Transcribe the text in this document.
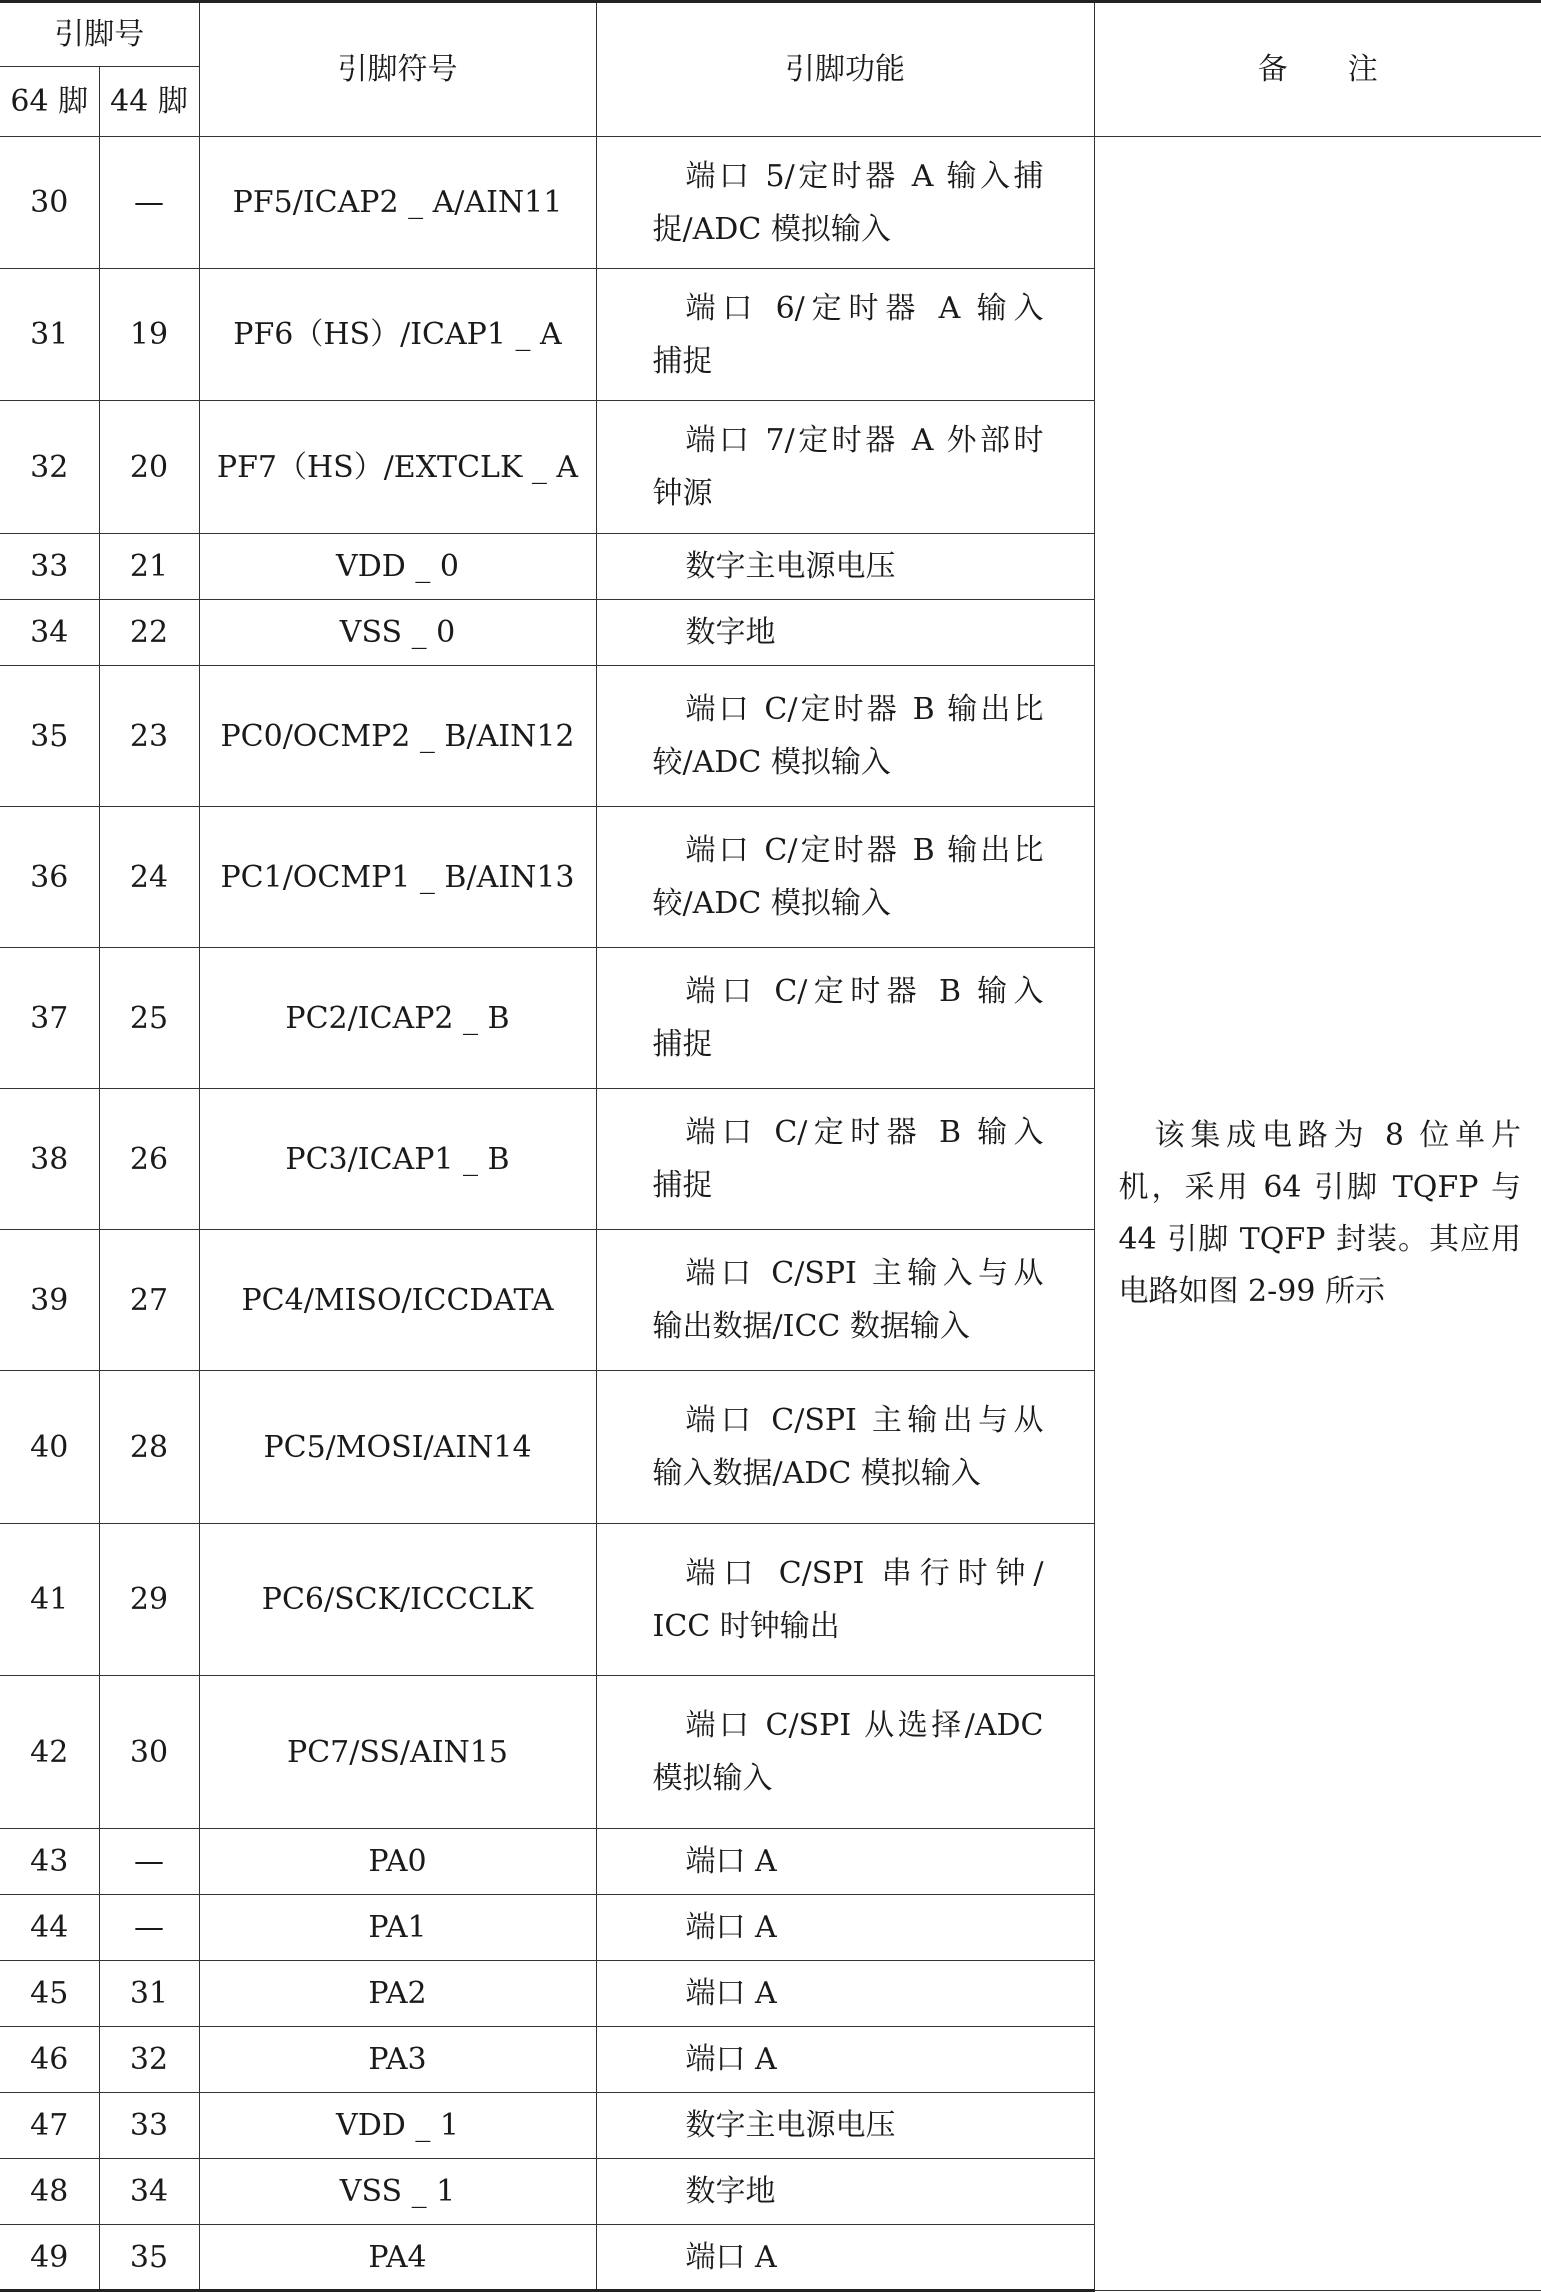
引脚号		引脚符号	引脚功能	备　　注
64 脚	44 脚			
30	—	PF5/ICAP2 _ A/AIN11	端口 5/定时器 A 输入捕
捉/ADC 模拟输入	该集成电路为 8 位单片机，采用 64 引脚 TQFP 与 44 引脚 TQFP 封装。其应用电路如图 2-99 所示

31	19	PF6（HS）/ICAP1 _ A	端口 6/定时器 A 输入
捕捉	

32	20	PF7（HS）/EXTCLK _ A	端口 7/定时器 A 外部时
钟源	

33	21	VDD _ 0	数字主电源电压	

34	22	VSS _ 0	数字地	

35	23	PC0/OCMP2 _ B/AIN12	端口 C/定时器 B 输出比
较/ADC 模拟输入	

36	24	PC1/OCMP1 _ B/AIN13	端口 C/定时器 B 输出比
较/ADC 模拟输入	

37	25	PC2/ICAP2 _ B	端口 C/定时器 B 输入
捕捉	

38	26	PC3/ICAP1 _ B	端口 C/定时器 B 输入
捕捉	

39	27	PC4/MISO/ICCDATA	端口 C/SPI 主输入与从
输出数据/ICC 数据输入	

40	28	PC5/MOSI/AIN14	端口 C/SPI 主输出与从
输入数据/ADC 模拟输入	

41	29	PC6/SCK/ICCCLK	端口 C/SPI 串行时钟/
ICC 时钟输出	

42	30	PC7/SS/AIN15	端口 C/SPI 从选择/ADC
模拟输入	

43	—	PA0	端口 A	

44	—	PA1	端口 A	

45	31	PA2	端口 A	

46	32	PA3	端口 A	

47	33	VDD _ 1	数字主电源电压	

48	34	VSS _ 1	数字地	

49	35	PA4	端口 A	
